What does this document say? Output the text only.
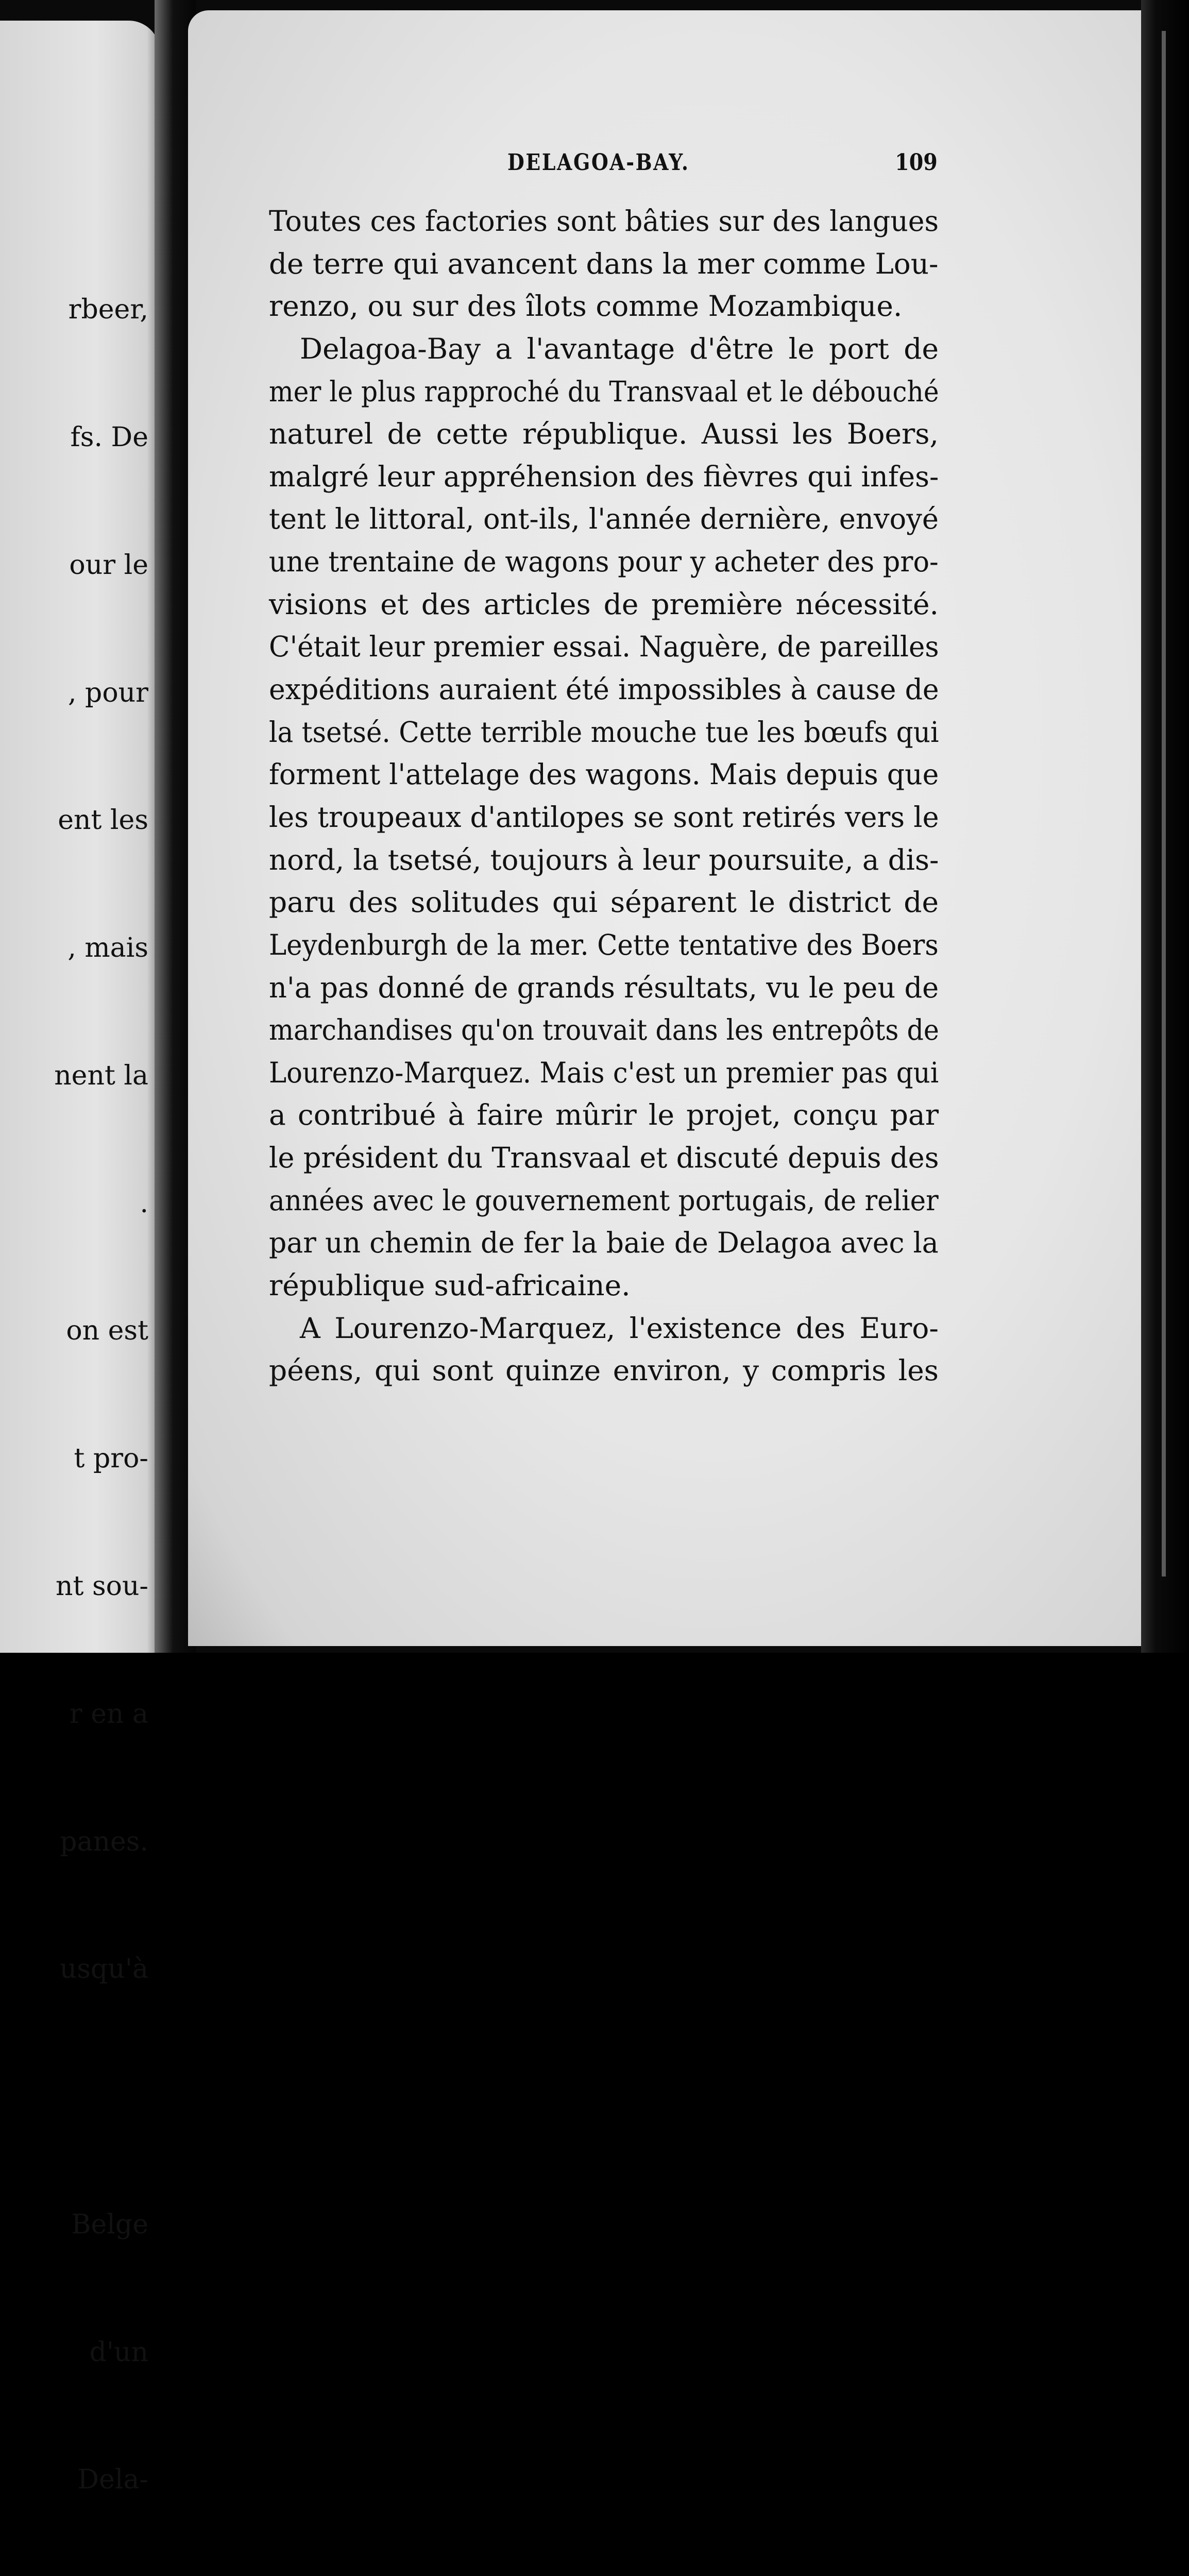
rbeer,

fs. De

our le

, pour

ent les

, mais

nent la

.

on est

t pro-

nt sou-

r en a

panes.

usqu'à

Belge

d'un

Dela-

DELAGOA-BAY.	109
Toutes ces factories sont bâties sur des langues
de terre qui avancent dans la mer comme Lou-
renzo, ou sur des îlots comme Mozambique.
Delagoa-Bay a l'avantage d'être le port de
mer le plus rapproché du Transvaal et le débouché
naturel de cette république. Aussi les Boers,
malgré leur appréhension des fièvres qui infes-
tent le littoral, ont-ils, l'année dernière, envoyé
une trentaine de wagons pour y acheter des pro-
visions et des articles de première nécessité.
C'était leur premier essai. Naguère, de pareilles
expéditions auraient été impossibles à cause de
la tsetsé. Cette terrible mouche tue les bœufs qui
forment l'attelage des wagons. Mais depuis que
les troupeaux d'antilopes se sont retirés vers le
nord, la tsetsé, toujours à leur poursuite, a dis-
paru des solitudes qui séparent le district de
Leydenburgh de la mer. Cette tentative des Boers
n'a pas donné de grands résultats, vu le peu de
marchandises qu'on trouvait dans les entrepôts de
Lourenzo-Marquez. Mais c'est un premier pas qui
a contribué à faire mûrir le projet, conçu par
le président du Transvaal et discuté depuis des
années avec le gouvernement portugais, de relier
par un chemin de fer la baie de Delagoa avec la
république sud-africaine.
A Lourenzo-Marquez, l'existence des Euro-
péens, qui sont quinze environ, y compris les
